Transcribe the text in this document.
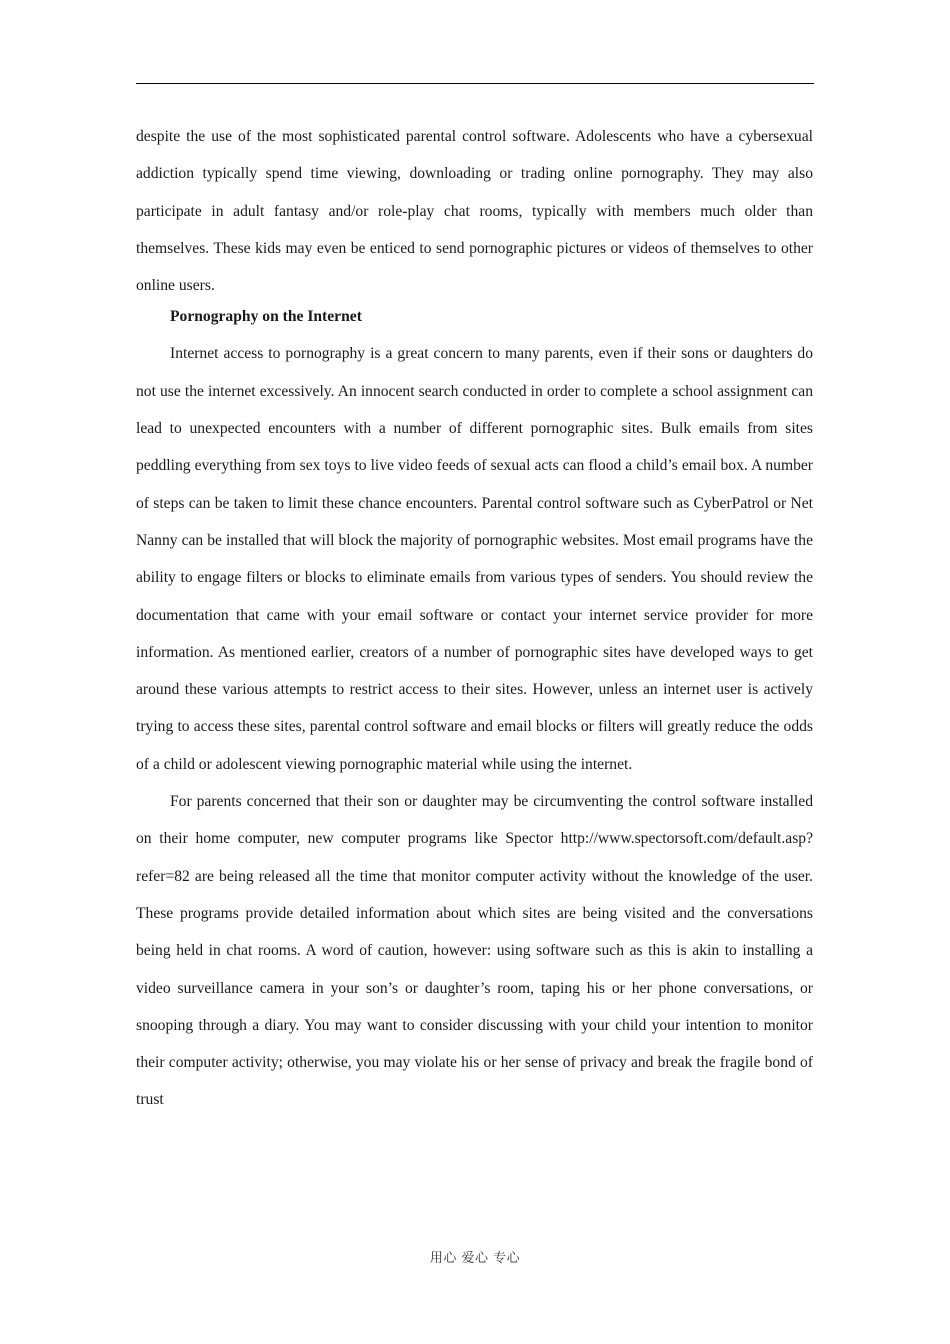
despite the use of the most sophisticated parental control software. Adolescents who have a cybersexual addiction typically spend time viewing, downloading or trading online pornography. They may also participate in adult fantasy and/or role-play chat rooms, typically with members much older than themselves. These kids may even be enticed to send pornographic pictures or videos of themselves to other online users.

Pornography on the Internet

Internet access to pornography is a great concern to many parents, even if their sons or daughters do not use the internet excessively. An innocent search conducted in order to complete a school assignment can lead to unexpected encounters with a number of different pornographic sites. Bulk emails from sites peddling everything from sex toys to live video feeds of sexual acts can flood a child’s email box. A number of steps can be taken to limit these chance encounters. Parental control software such as CyberPatrol or Net Nanny can be installed that will block the majority of pornographic websites. Most email programs have the ability to engage filters or blocks to eliminate emails from various types of senders. You should review the documentation that came with your email software or contact your internet service provider for more information. As mentioned earlier, creators of a number of pornographic sites have developed ways to get around these various attempts to restrict access to their sites. However, unless an internet user is actively trying to access these sites, parental control software and email blocks or filters will greatly reduce the odds of a child or adolescent viewing pornographic material while using the internet.

For parents concerned that their son or daughter may be circumventing the control software installed on their home computer, new computer programs like Spector http://www.spectorsoft.com/default.asp?refer=82 are being released all the time that monitor computer activity without the knowledge of the user. These programs provide detailed information about which sites are being visited and the conversations being held in chat rooms. A word of caution, however: using software such as this is akin to installing a video surveillance camera in your son’s or daughter’s room, taping his or her phone conversations, or snooping through a diary. You may want to consider discussing with your child your intention to monitor their computer activity; otherwise, you may violate his or her sense of privacy and break the fragile bond of trust

用心 爱心 专心
